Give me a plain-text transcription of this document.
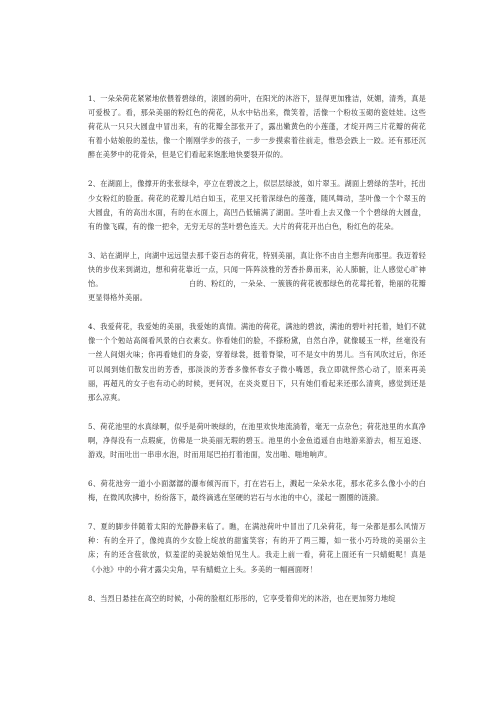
1、一朵朵荷花紧紧地依偎着碧绿的，滚圆的荷叶，在阳光的沐浴下，显得更加雅洁，妩媚，清秀，真是可爱极了。看，那朵美丽的粉红色的荷花，从水中钻出来，微笑着，活像一个粉妆玉砌的瓷娃娃。这些荷花从一只只大圆盘中冒出来，有的花瓣全部张开了，露出嫩黄色的小莲蓬，才绽开两三片花瓣的荷花有着小姑娘般的羞怯，像一个刚刚学步的孩子，一步一步摸索着往前走，惟恐会跌上一跤。还有那还沉醉在美梦中的花骨朵，但是它们看起来饱胀地快要裂开似的。

2、在湖面上，像撑开的张张绿伞，亭立在碧波之上，似层层绿波，如片翠玉。湖面上碧绿的茎叶，托出少女粉红的脸蛋。荷花的花瓣儿结白如玉，花里又托着深绿色的莲蓬，随风舞动，茎叶像一个个翠玉的大圆盘，有的高出水面，有的在水面上，高凹凸低铺满了湖面。茎叶看上去又像一个个碧绿的大圆盘，有的像飞碟，有的像一把伞，无穷无尽的茎叶碧色连天。大片的荷花开出白色，粉红色的花朵。

3、站在湖岸上，向湖中远远望去那千姿百态的荷花，特别美丽，真让你不由自主想奔向那里。我迈着轻快的步伐来到湖边，想和荷花靠近一点，只闻一阵阵淡雅的芳香扑鼻而来，沁人肺腑，让人感觉心旷神怡。	白的、粉红的，一朵朵、一簇簇的荷花被那绿色的花莓托着，艳丽的花瓣更显得格外美丽。

4、我爱荷花，我爱她的美丽，我爱她的真情。满池的荷花，满池的碧波，满池的碧叶衬托着，她们不就像一个个勉站高阁看风景的白衣素女。你看她们的脸，不搽粉黛，自然白净，就像暖玉一样，丝毫没有一丝人间烟火味；你再看她们的身姿，穿着绿裳，挺着脊梁，可不是女中的男儿。当有风吹过后，你还可以闻到她们散发出的芳香，那淡淡的芳香多像怀春女子微小嘴恩，我立即就怦然心动了，原来再美丽，再超凡的女子也有动心的时候，更何况，在炎炎夏日下，只有她们看起来还那么清爽，感觉到还是那么凉爽。

5、荷花池里的水真绿啊，似乎是荷叶映绿的，在池里欢快地流淌着，毫无一点杂色；荷花池里的水真净啊，净得没有一点瑕疵，仿佛是一块美丽无瑕的碧玉。池里的小金鱼逍遥自由地游来游去，相互追逐、游戏，时而吐出一串串水泡，时而用尾巴拍打着池面，发出啪、啪地响声。

6、荷花池旁一道小小面潺潺的瀑布倾泻而下，打在岩石上，溅起一朵朵水花，那水花多么像小小的白梅，在微风吹拂中，纷纷落下，最终滴逃在坚硬的岩石与水池的中心，漾起一圈圈的涟漪。

7、夏的脚步伴随着太阳的光静静来临了。瞧，在满池荷叶中冒出了几朵荷花，每一朵都是那么风情万种：有的全开了，像纯真的少女脸上绽放的甜蜜笑容；有的开了两三瓣，如一张小巧玲珑的美丽公主床；有的还含苞欲放，似羞涩的美貌姑娘怕见生人。我走上前一看，荷花上面还有一只蜻蜓呢！真是《小池》中的小荷才露尖尖角，早有蜻蜓立上头。多美的一幅画面呀！

8、当烈日悬挂在高空的时候，小荷的脸框红彤彤的，它享受着仰光的沐浴，也在更加努力地绽
